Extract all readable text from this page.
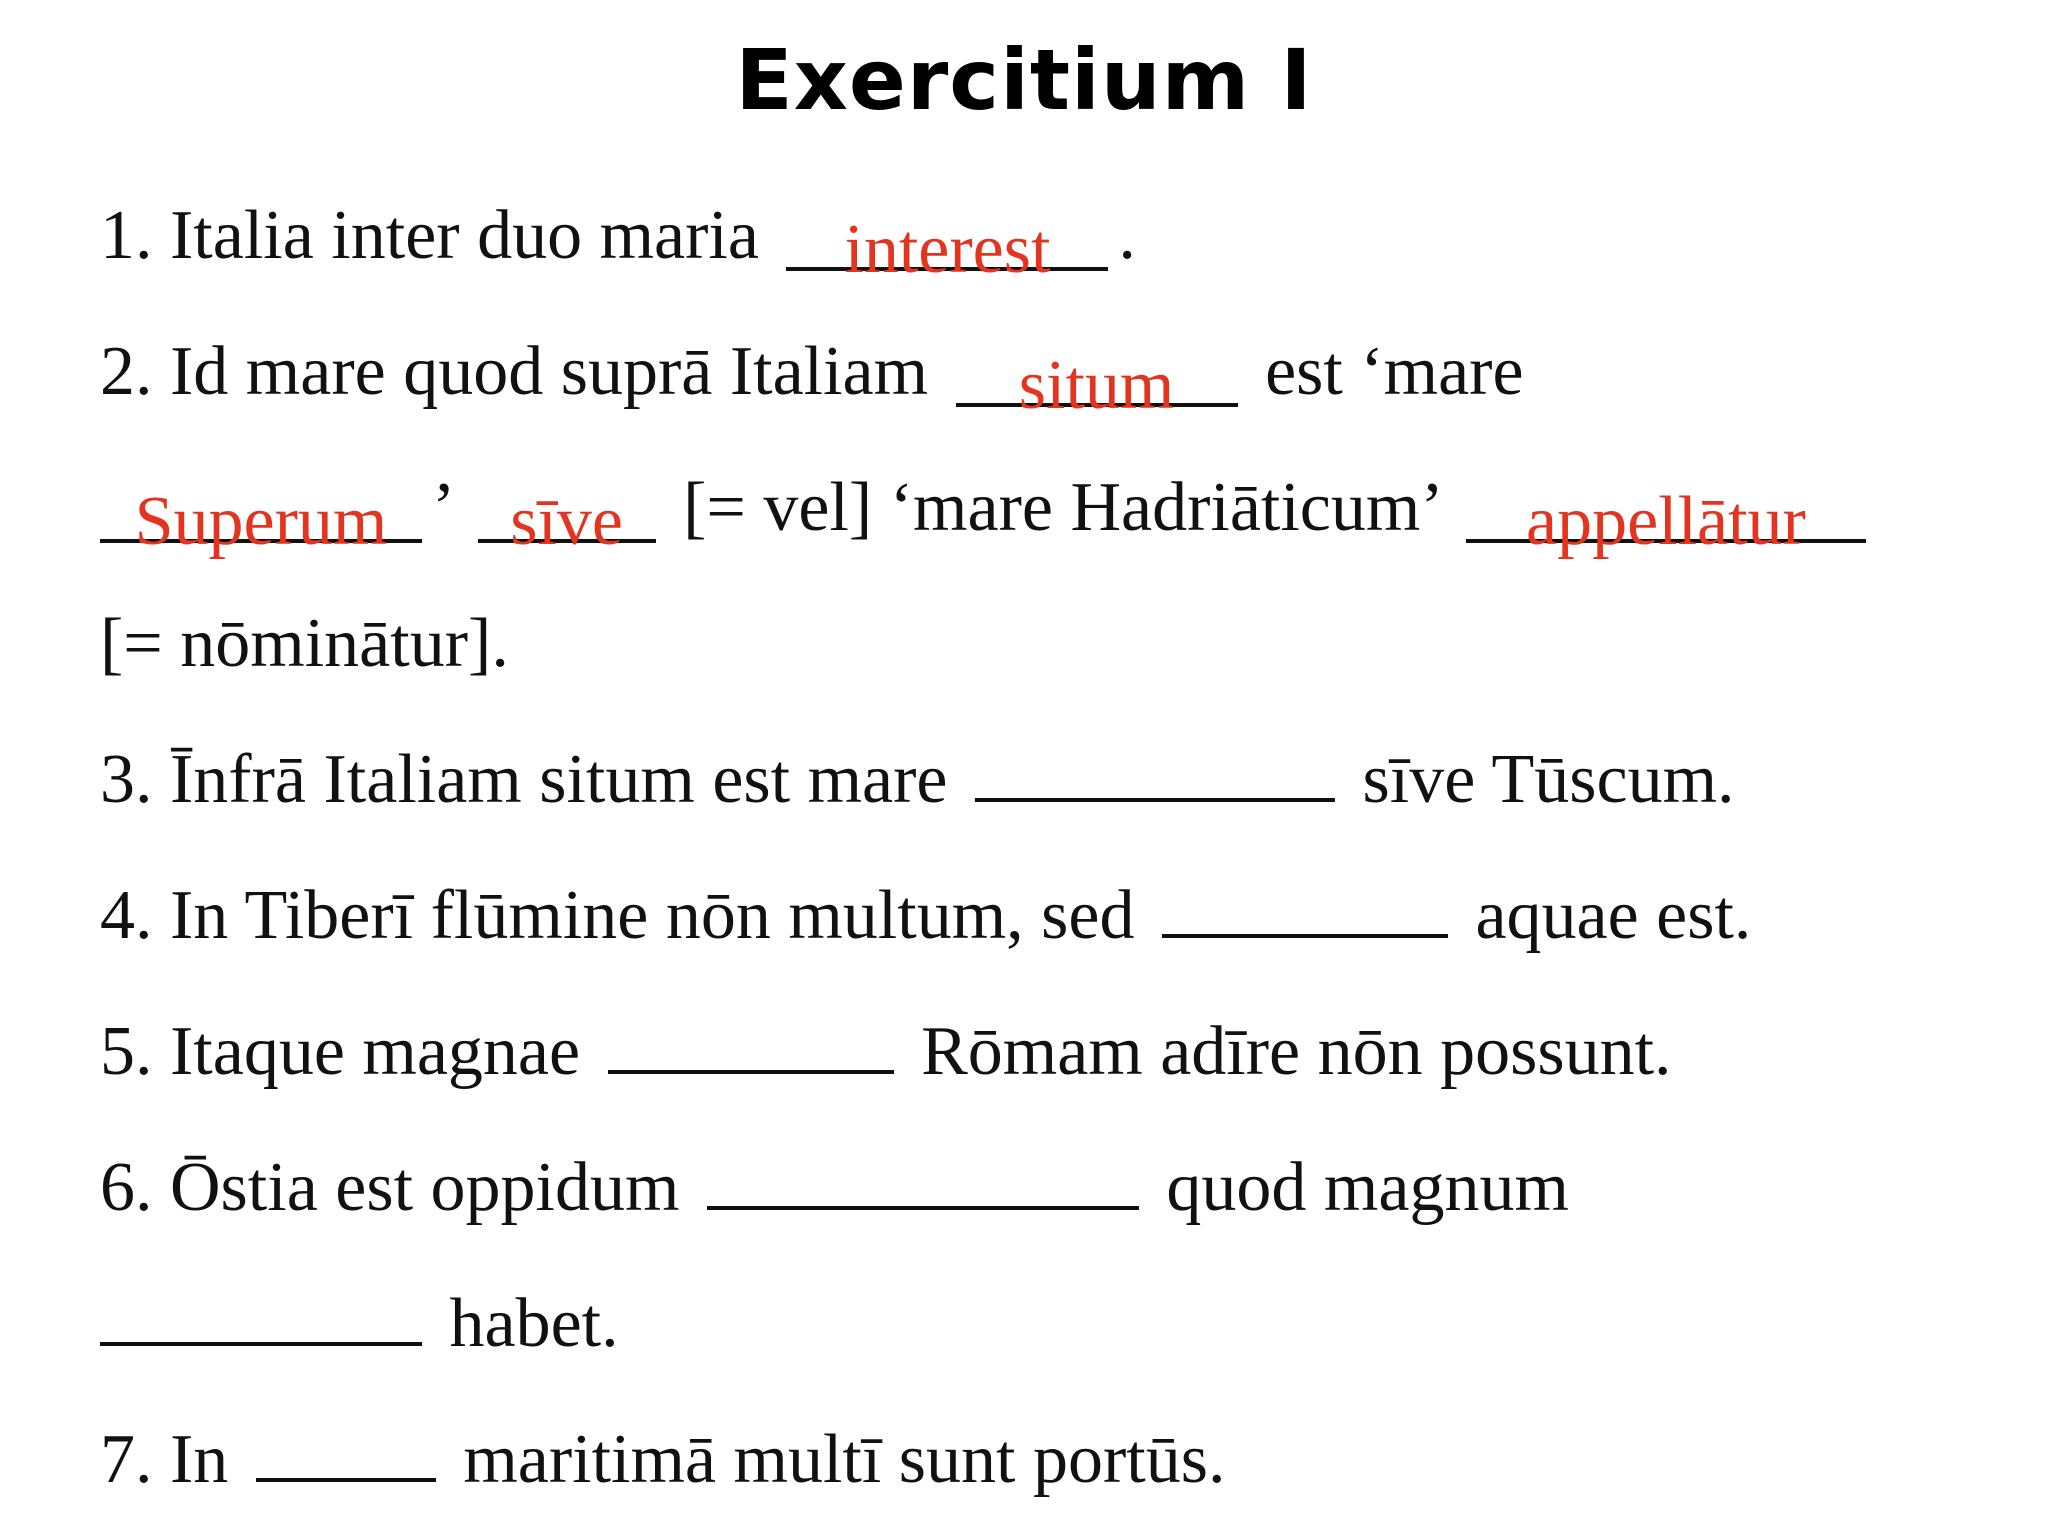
Exercitium I
1. Italia inter duo maria interest .
2. Id mare quod suprā Italiam situm est ‘mare
Superum ’ sīve [= vel] ‘mare Hadriāticum’ appellātur
[= nōminātur].
3. Īnfrā Italiam situm est mare	sīve Tūscum.
4. In Tiberī flūmine nōn multum, sed	aquae est.
5. Itaque magnae	Rōmam adīre nōn possunt.
6. Ōstia est oppidum	quod magnum
habet.
7. In	maritimā multī sunt portūs.
